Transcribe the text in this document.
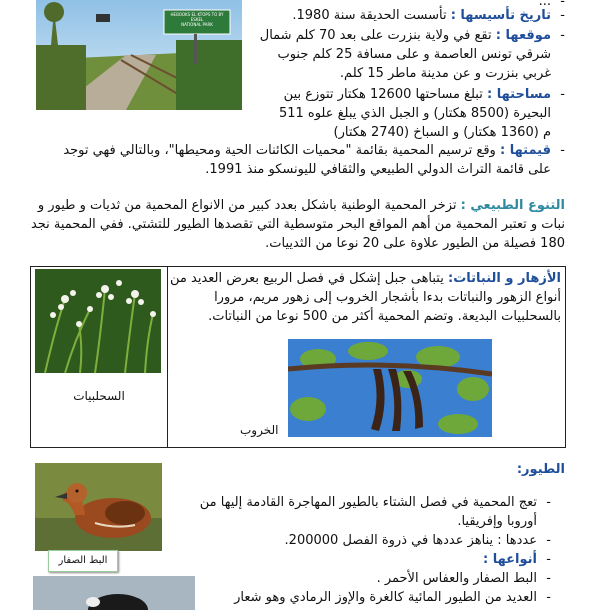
HEBOOKS EL KTOPS TO BY ESKEL
NATIONAL PARK
-
...
-
تاريخ تأسيسها : تأسست الحديقة سنة 1980.
-
موقعها : تقع في ولاية بنزرت على بعد 70 كلم شمال
شرقي تونس العاصمة و على مسافة 25 كلم جنوب
غربي بنزرت و عن مدينة ماطر 15 كلم.
-
مساحتها : تبلغ مساحتها 12600 هكتار تتوزع بين
البحيرة (8500 هكتار) و الجبل الذي يبلغ علوه 511
م (1360 هكتار) و السباخ (2740 هكتار)
-
قيمتها : وقع ترسيم المحمية بقائمة "محميات الكائنات الحية ومحيطها"، وبالتالي فهي توجد
على قائمة التراث الدولي الطبيعي والثقافي لليونسكو منذ 1991.
التنوع الطبيعي : تزخر المحمية الوطنية باشكل بعدد كبير من الانواع المحمية من ثديات و طيور و
نبات و تعتبر المحمية من أهم المواقع البحر متوسطية التي تقصدها الطيور للتشتي. ففي المحمية نجد
180 فصيلة من الطيور علاوة على 20 نوعا من الثدييات.
السحلبيات

الأزهار و النباتات: يتباهى جبل إشكل في فصل الربيع بعرض العديد من
أنواع الزهور والنباتات بدءا بأشجار الخروب إلى زهور مريم، مرورا
بالسحلبيات البديعة. وتضم المحمية أكثر من 500 نوعا من النباتات.
الخروب
البط الصفار
الطيور:
-
تعج المحمية في فصل الشتاء بالطيور المهاجرة القادمة إليها من
أوروبا وإفريقيا.
-
عددها : يناهز عددها في ذروة الفصل 200000.
-
أنواعها :
-
البط الصفار والعفاس الأحمر .
-
العديد من الطيور المائية كالغرة والإوز الرمادي وهو شعار
